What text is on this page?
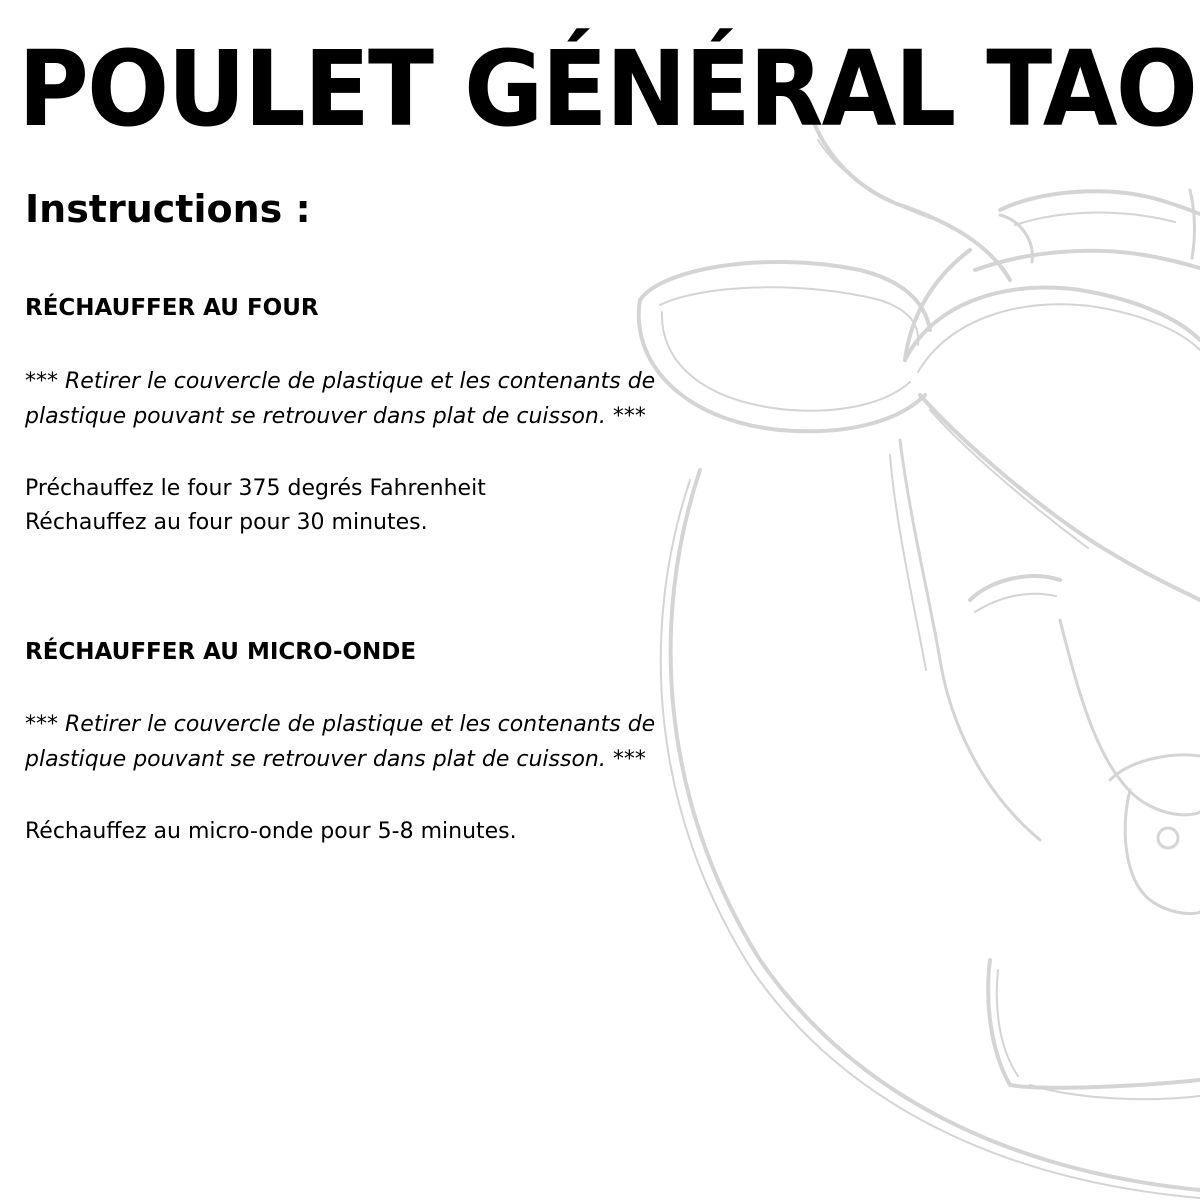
POULET GÉNÉRAL TAO
Instructions :
RÉCHAUFFER AU FOUR

*** Retirer le couvercle de plastique et les contenants de
plastique pouvant se retrouver dans plat de cuisson. ***

Préchauffez le four 375 degrés Fahrenheit
Réchauffez au four pour 30 minutes.

RÉCHAUFFER AU MICRO-ONDE

*** Retirer le couvercle de plastique et les contenants de
plastique pouvant se retrouver dans plat de cuisson. ***

Réchauffez au micro-onde pour 5-8 minutes.
